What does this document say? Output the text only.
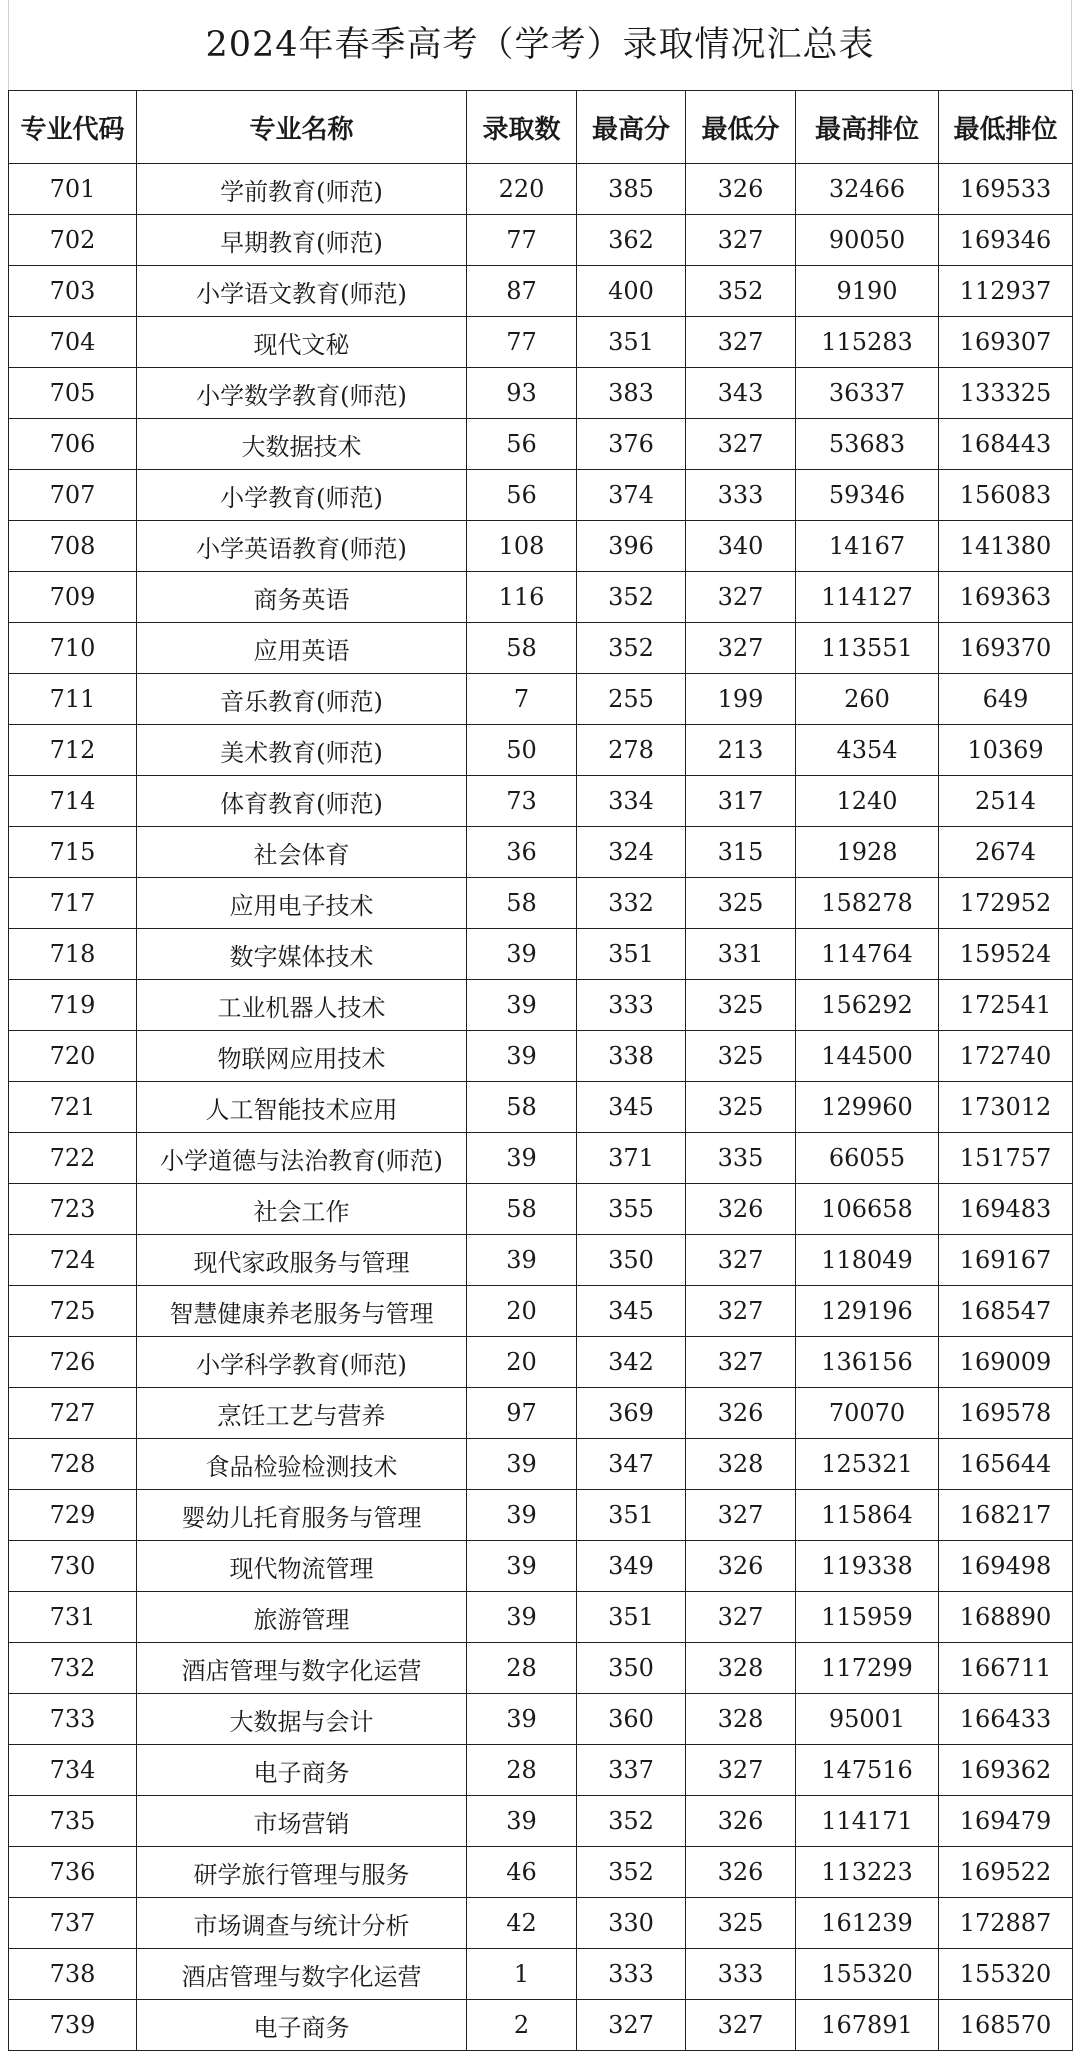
2024年春季高考（学考）录取情况汇总表
专业代码	专业名称	录取数	最高分	最低分	最高排位	最低排位
701	学前教育(师范)	220	385	326	32466	169533
702	早期教育(师范)	77	362	327	90050	169346
703	小学语文教育(师范)	87	400	352	9190	112937
704	现代文秘	77	351	327	115283	169307
705	小学数学教育(师范)	93	383	343	36337	133325
706	大数据技术	56	376	327	53683	168443
707	小学教育(师范)	56	374	333	59346	156083
708	小学英语教育(师范)	108	396	340	14167	141380
709	商务英语	116	352	327	114127	169363
710	应用英语	58	352	327	113551	169370
711	音乐教育(师范)	7	255	199	260	649
712	美术教育(师范)	50	278	213	4354	10369
714	体育教育(师范)	73	334	317	1240	2514
715	社会体育	36	324	315	1928	2674
717	应用电子技术	58	332	325	158278	172952
718	数字媒体技术	39	351	331	114764	159524
719	工业机器人技术	39	333	325	156292	172541
720	物联网应用技术	39	338	325	144500	172740
721	人工智能技术应用	58	345	325	129960	173012
722	小学道德与法治教育(师范)	39	371	335	66055	151757
723	社会工作	58	355	326	106658	169483
724	现代家政服务与管理	39	350	327	118049	169167
725	智慧健康养老服务与管理	20	345	327	129196	168547
726	小学科学教育(师范)	20	342	327	136156	169009
727	烹饪工艺与营养	97	369	326	70070	169578
728	食品检验检测技术	39	347	328	125321	165644
729	婴幼儿托育服务与管理	39	351	327	115864	168217
730	现代物流管理	39	349	326	119338	169498
731	旅游管理	39	351	327	115959	168890
732	酒店管理与数字化运营	28	350	328	117299	166711
733	大数据与会计	39	360	328	95001	166433
734	电子商务	28	337	327	147516	169362
735	市场营销	39	352	326	114171	169479
736	研学旅行管理与服务	46	352	326	113223	169522
737	市场调查与统计分析	42	330	325	161239	172887
738	酒店管理与数字化运营	1	333	333	155320	155320
739	电子商务	2	327	327	167891	168570
